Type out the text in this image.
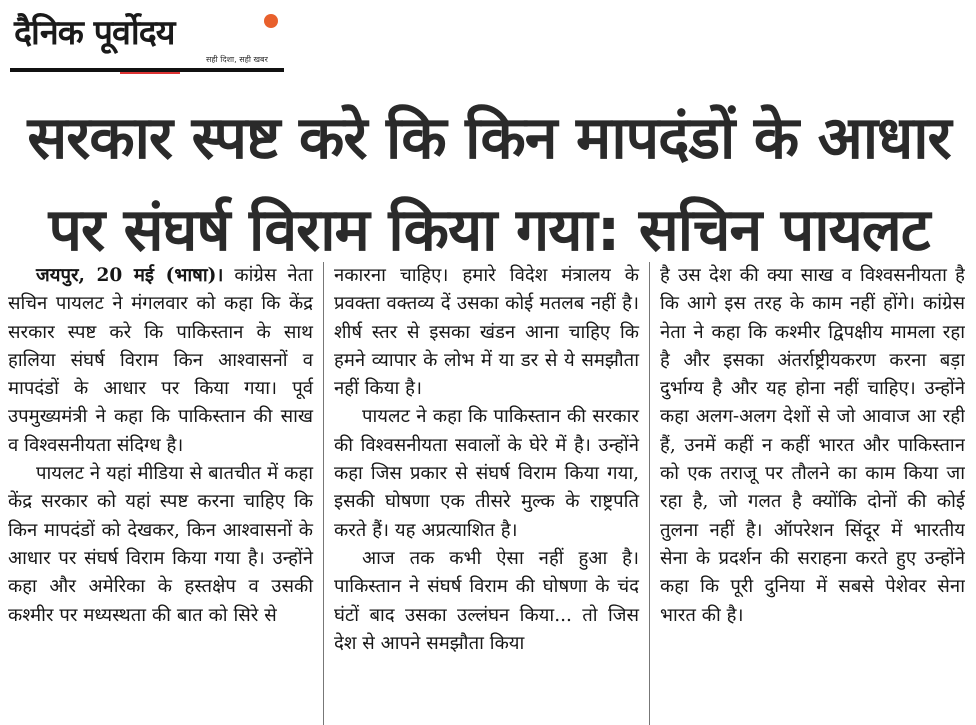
दैनिक पूर्वोदय
सही दिशा, सही खबर
सरकार स्पष्ट करे कि किन मापदंडों के आधार पर संघर्ष विराम किया गया: सचिन पायलट

जयपुर, 20 मई (भाषा)। कांग्रेस नेता सचिन पायलट ने मंगलवार को कहा कि केंद्र सरकार स्पष्ट करे कि पाकिस्तान के साथ हालिया संघर्ष विराम किन आश्वासनों व मापदंडों के आधार पर किया गया। पूर्व उपमुख्यमंत्री ने कहा कि पाकिस्तान की साख व विश्वसनीयता संदिग्ध है।

पायलट ने यहां मीडिया से बातचीत में कहा केंद्र सरकार को यहां स्पष्ट करना चाहिए कि किन मापदंडों को देखकर, किन आश्वासनों के आधार पर संघर्ष विराम किया गया है। उन्होंने कहा और अमेरिका के हस्तक्षेप व उसकी कश्मीर पर मध्यस्थता की बात को सिरे से

नकारना चाहिए। हमारे विदेश मंत्रालय के प्रवक्ता वक्तव्य दें उसका कोई मतलब नहीं है। शीर्ष स्तर से इसका खंडन आना चाहिए कि हमने व्यापार के लोभ में या डर से ये समझौता नहीं किया है।

पायलट ने कहा कि पाकिस्तान की सरकार की विश्वसनीयता सवालों के घेरे में है। उन्होंने कहा जिस प्रकार से संघर्ष विराम किया गया, इसकी घोषणा एक तीसरे मुल्क के राष्ट्रपति करते हैं। यह अप्रत्याशित है।

आज तक कभी ऐसा नहीं हुआ है। पाकिस्तान ने संघर्ष विराम की घोषणा के चंद घंटों बाद उसका उल्लंघन किया... तो जिस देश से आपने समझौता किया

है उस देश की क्या साख व विश्वसनीयता है कि आगे इस तरह के काम नहीं होंगे। कांग्रेस नेता ने कहा कि कश्मीर द्विपक्षीय मामला रहा है और इसका अंतर्राष्ट्रीयकरण करना बड़ा दुर्भाग्य है और यह होना नहीं चाहिए। उन्होंने कहा अलग-अलग देशों से जो आवाज आ रही हैं, उनमें कहीं न कहीं भारत और पाकिस्तान को एक तराजू पर तौलने का काम किया जा रहा है, जो गलत है क्योंकि दोनों की कोई तुलना नहीं है। ऑपरेशन सिंदूर में भारतीय सेना के प्रदर्शन की सराहना करते हुए उन्होंने कहा कि पूरी दुनिया में सबसे पेशेवर सेना भारत की है।
